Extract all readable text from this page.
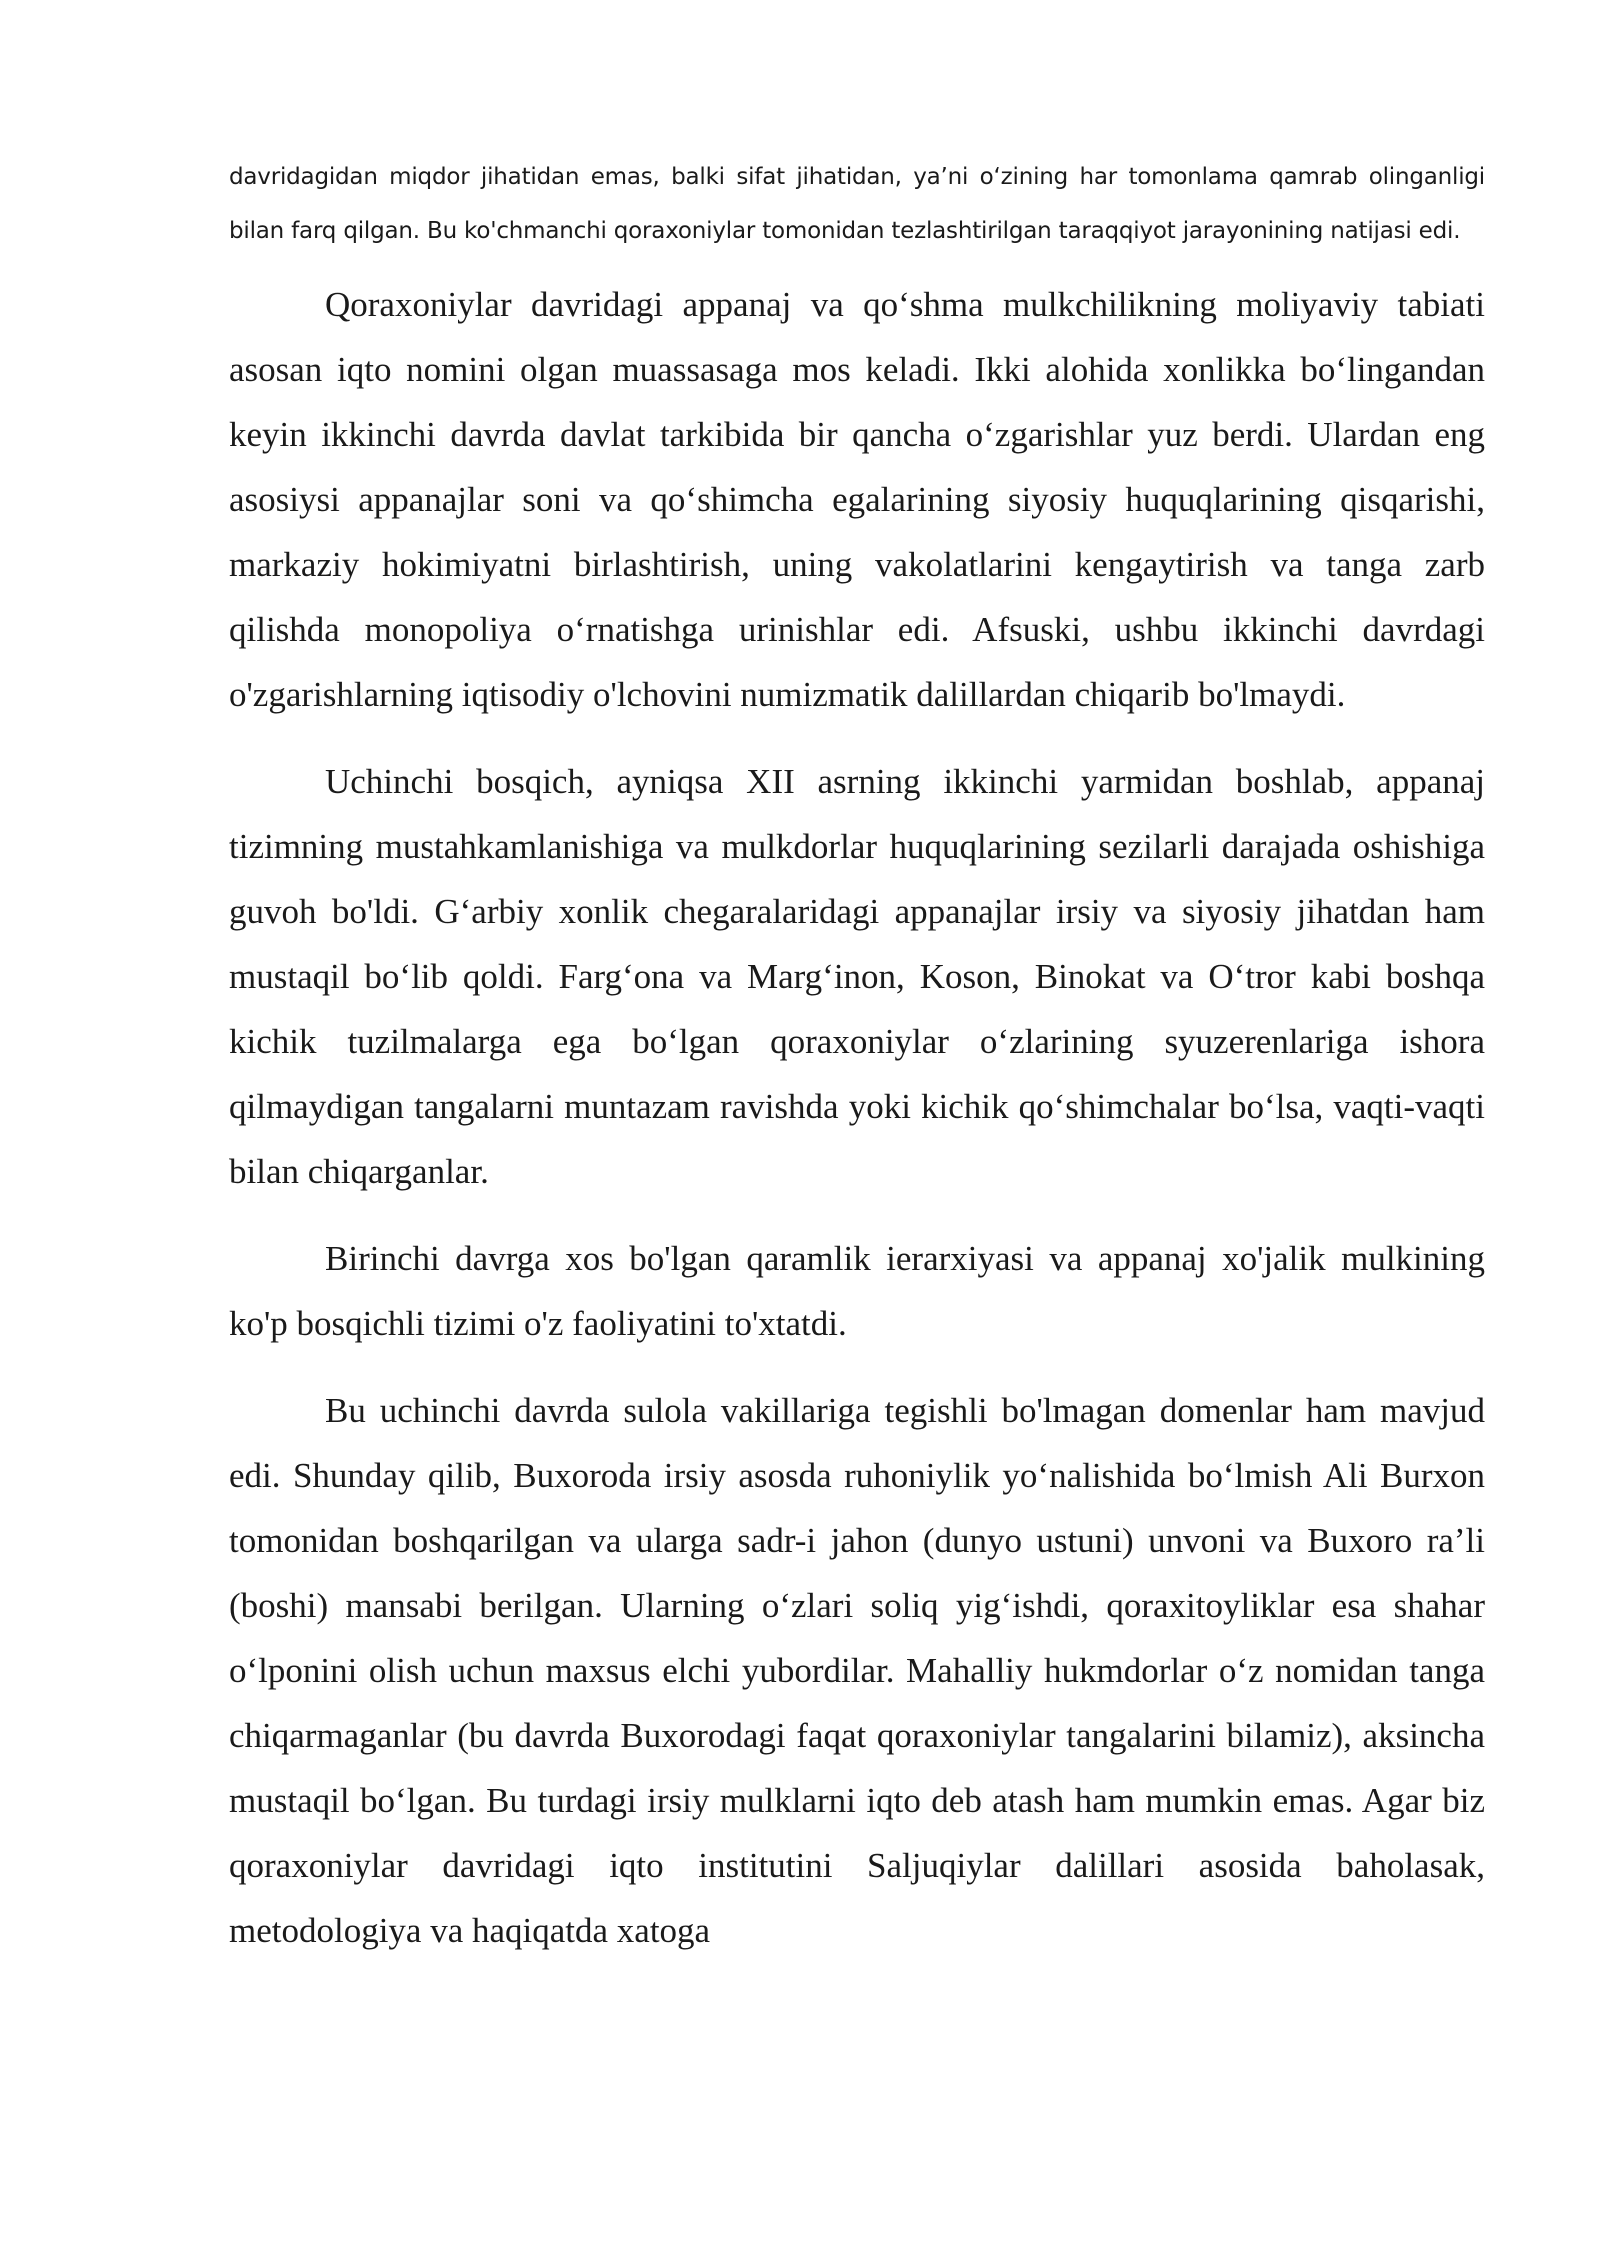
davridagidan miqdor jihatidan emas, balki sifat jihatidan, ya’ni o‘zining har tomonlama qamrab olinganligi bilan farq qilgan. Bu ko'chmanchi qoraxoniylar tomonidan tezlashtirilgan taraqqiyot jarayonining natijasi edi.

Qoraxoniylar davridagi appanaj va qo‘shma mulkchilikning moliyaviy tabiati asosan iqto nomini olgan muassasaga mos keladi. Ikki alohida xonlikka bo‘lingandan keyin ikkinchi davrda davlat tarkibida bir qancha o‘zgarishlar yuz berdi. Ulardan eng asosiysi appanajlar soni va qo‘shimcha egalarining siyosiy huquqlarining qisqarishi, markaziy hokimiyatni birlashtirish, uning vakolatlarini kengaytirish va tanga zarb qilishda monopoliya o‘rnatishga urinishlar edi. Afsuski, ushbu ikkinchi davrdagi o'zgarishlarning iqtisodiy o'lchovini numizmatik dalillardan chiqarib bo'lmaydi.

Uchinchi bosqich, ayniqsa XII asrning ikkinchi yarmidan boshlab, appanaj tizimning mustahkamlanishiga va mulkdorlar huquqlarining sezilarli darajada oshishiga guvoh bo'ldi. G‘arbiy xonlik chegaralaridagi appanajlar irsiy va siyosiy jihatdan ham mustaqil bo‘lib qoldi. Farg‘ona va Marg‘inon, Koson, Binokat va O‘tror kabi boshqa kichik tuzilmalarga ega bo‘lgan qoraxoniylar o‘zlarining syuzerenlariga ishora qilmaydigan tangalarni muntazam ravishda yoki kichik qo‘shimchalar bo‘lsa, vaqti-vaqti bilan chiqarganlar.

Birinchi davrga xos bo'lgan qaramlik ierarxiyasi va appanaj xo'jalik mulkining ko'p bosqichli tizimi o'z faoliyatini to'xtatdi.

Bu uchinchi davrda sulola vakillariga tegishli bo'lmagan domenlar ham mavjud edi. Shunday qilib, Buxoroda irsiy asosda ruhoniylik yo‘nalishida bo‘lmish Ali Burxon tomonidan boshqarilgan va ularga sadr-i jahon (dunyo ustuni) unvoni va Buxoro ra’li (boshi) mansabi berilgan. Ularning o‘zlari soliq yig‘ishdi, qoraxitoyliklar esa shahar o‘lponini olish uchun maxsus elchi yubordilar. Mahalliy hukmdorlar o‘z nomidan tanga chiqarmaganlar (bu davrda Buxorodagi faqat qoraxoniylar tangalarini bilamiz), aksincha mustaqil bo‘lgan. Bu turdagi irsiy mulklarni iqto deb atash ham mumkin emas. Agar biz qoraxoniylar davridagi iqto institutini Saljuqiylar dalillari asosida baholasak, metodologiya va haqiqatda xatoga
